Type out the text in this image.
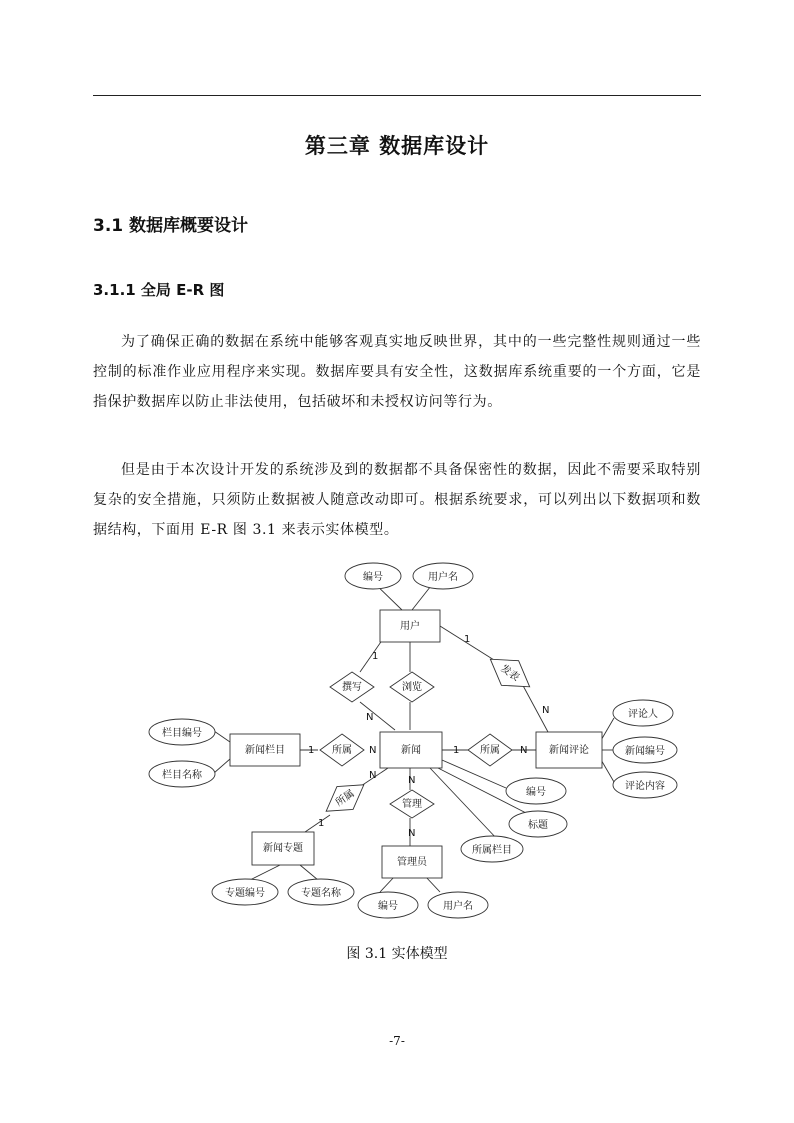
第三章 数据库设计
3.1 数据库概要设计
3.1.1 全局 E-R 图

为了确保正确的数据在系统中能够客观真实地反映世界，其中的一些完整性规则通过一些控制的标准作业应用程序来实现。数据库要具有安全性，这数据库系统重要的一个方面，它是指保护数据库以防止非法使用，包括破坏和未授权访问等行为。

但是由于本次设计开发的系统涉及到的数据都不具备保密性的数据，因此不需要采取特别复杂的安全措施，只须防止数据被人随意改动即可。根据系统要求，可以列出以下数据项和数据结构，下面用 E-R 图 3.1 来表示实体模型。

用户
新闻栏目	新闻	新闻评论
新闻专题
管理员
撰写	浏览
发表
所属	所属
所属	管理
编号	用户名
栏目编号
栏目名称
评论人
新闻编号
评论内容
编号
标题
所属栏目
专题编号	专题名称
编号	用户名
1
N
1
N
1	N	1	N
N
1
N
N
图 3.1 实体模型
-7-
